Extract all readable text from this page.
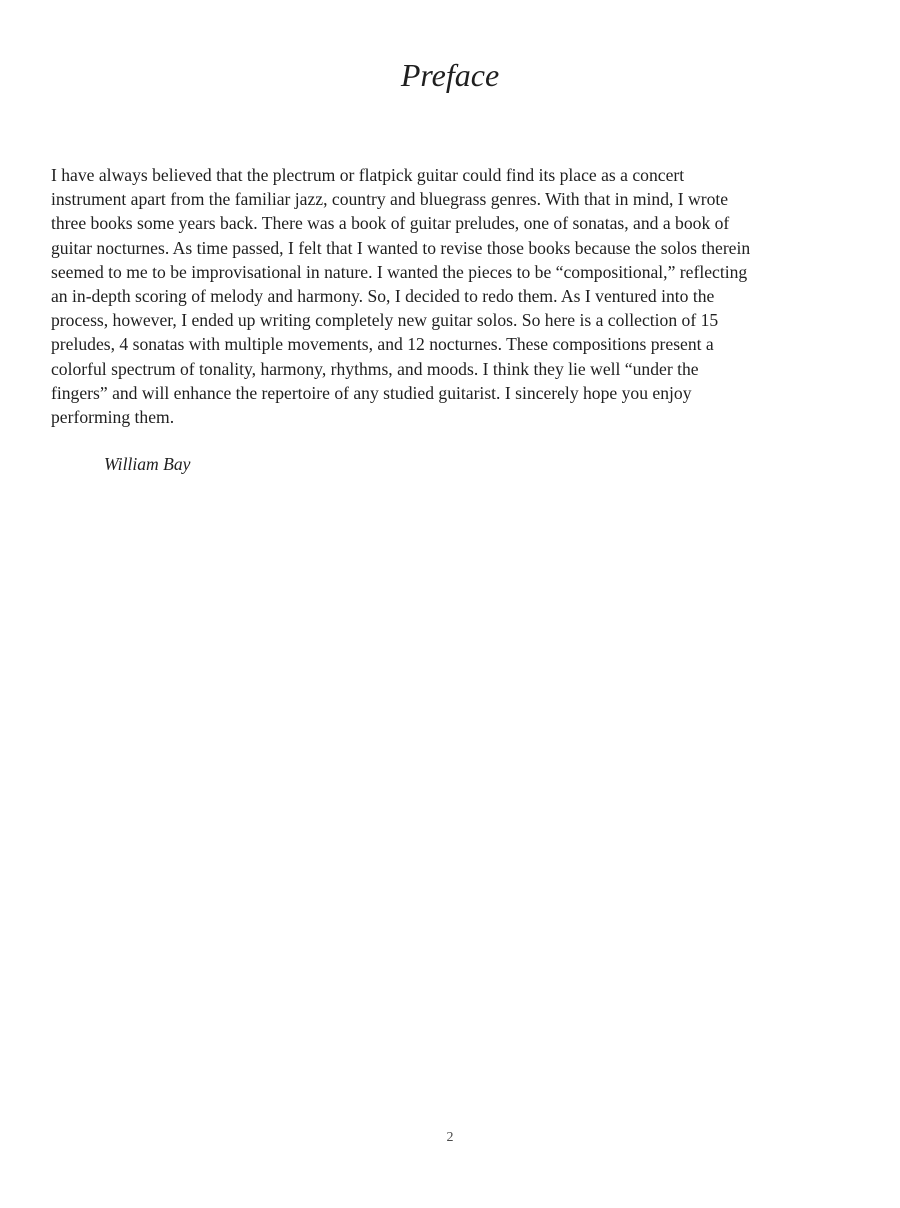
Preface
I have always believed that the plectrum or flatpick guitar could find its place as a concert
instrument apart from the familiar jazz, country and bluegrass genres. With that in mind, I wrote
three books some years back. There was a book of guitar preludes, one of sonatas, and a book of
guitar nocturnes. As time passed, I felt that I wanted to revise those books because the solos therein
seemed to me to be improvisational in nature. I wanted the pieces to be “compositional,” reflecting
an in-depth scoring of melody and harmony. So, I decided to redo them. As I ventured into the
process, however, I ended up writing completely new guitar solos. So here is a collection of 15
preludes, 4 sonatas with multiple movements, and 12 nocturnes. These compositions present a
colorful spectrum of tonality, harmony, rhythms, and moods. I think they lie well “under the
fingers” and will enhance the repertoire of any studied guitarist. I sincerely hope you enjoy
performing them.
William Bay
2
